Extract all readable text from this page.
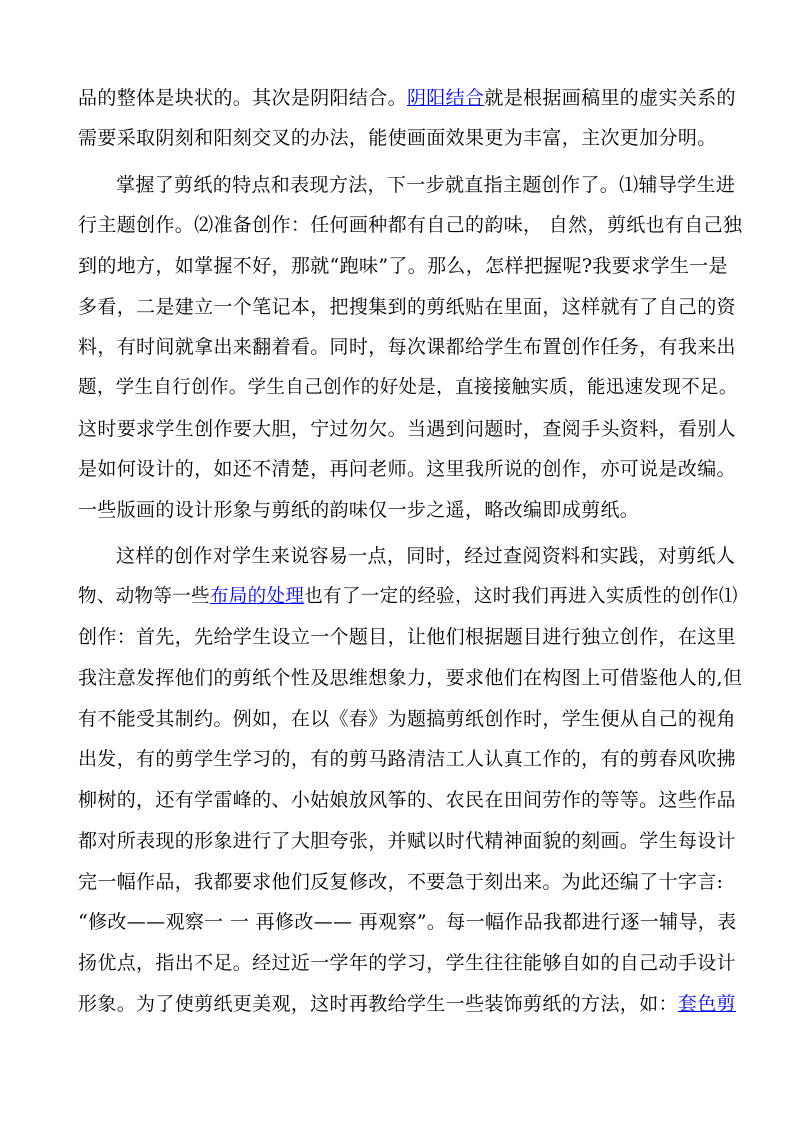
品的整体是块状的。其次是阴阳结合。阴阳结合就是根据画稿里的虚实关系的
需要采取阴刻和阳刻交叉的办法，能使画面效果更为丰富，主次更加分明。
掌握了剪纸的特点和表现方法，下一步就直指主题创作了。⑴辅导学生进
行主题创作。⑵准备创作：任何画种都有自己的韵味， 自然，剪纸也有自己独
到的地方，如掌握不好，那就“跑味”了。那么，怎样把握呢?我要求学生一是
多看，二是建立一个笔记本，把搜集到的剪纸贴在里面，这样就有了自己的资
料，有时间就拿出来翻着看。同时，每次课都给学生布置创作任务，有我来出
题，学生自行创作。学生自己创作的好处是，直接接触实质，能迅速发现不足。
这时要求学生创作要大胆，宁过勿欠。当遇到问题时，查阅手头资料，看别人
是如何设计的，如还不清楚，再问老师。这里我所说的创作，亦可说是改编。
一些版画的设计形象与剪纸的韵味仅一步之遥，略改编即成剪纸。
这样的创作对学生来说容易一点，同时，经过查阅资料和实践，对剪纸人
物、动物等一些布局的处理也有了一定的经验，这时我们再进入实质性的创作⑴
创作：首先，先给学生设立一个题目，让他们根据题目进行独立创作，在这里
我注意发挥他们的剪纸个性及思维想象力，要求他们在构图上可借鉴他人的,但
有不能受其制约。例如，在以《春》为题搞剪纸创作时，学生便从自己的视角
出发，有的剪学生学习的，有的剪马路清洁工人认真工作的，有的剪春风吹拂
柳树的，还有学雷峰的、小姑娘放风筝的、农民在田间劳作的等等。这些作品
都对所表现的形象进行了大胆夸张，并赋以时代精神面貌的刻画。学生每设计
完一幅作品，我都要求他们反复修改，不要急于刻出来。为此还编了十字言:
“修改——观察一 一 再修改—— 再观察”。每一幅作品我都进行逐一辅导，表
扬优点，指出不足。经过近一学年的学习，学生往往能够自如的自己动手设计
形象。为了使剪纸更美观，这时再教给学生一些装饰剪纸的方法，如：套色剪
